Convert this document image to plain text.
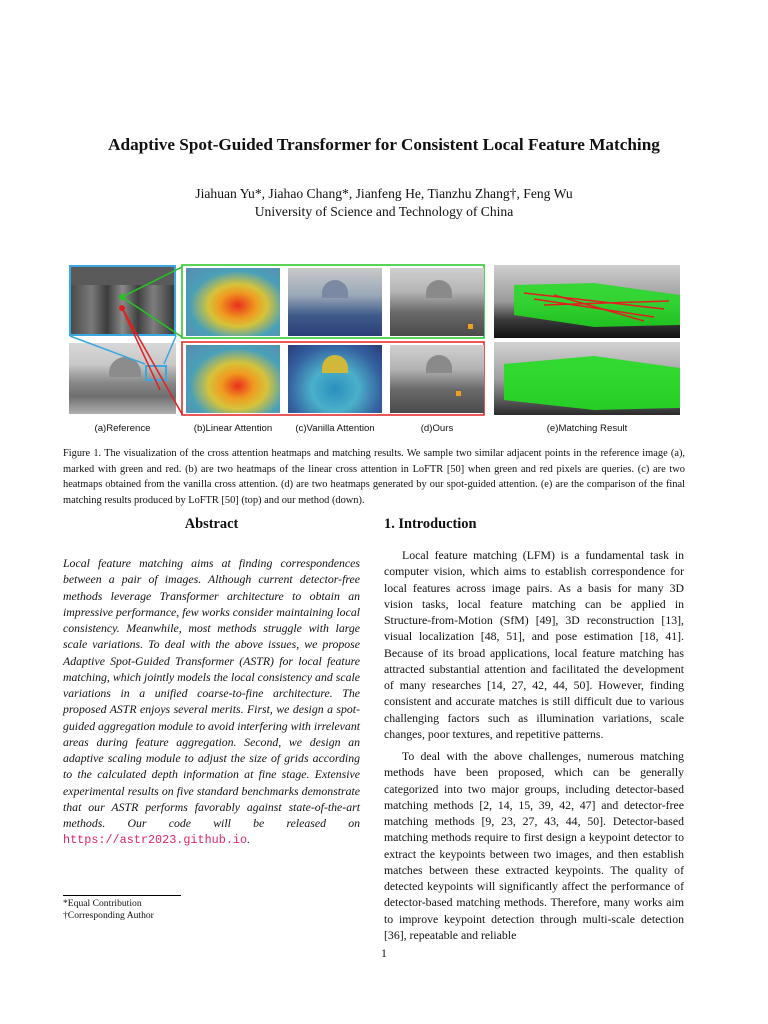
Adaptive Spot-Guided Transformer for Consistent Local Feature Matching
Jiahuan Yu*, Jiahao Chang*, Jianfeng He, Tianzhu Zhang†, Feng Wu
University of Science and Technology of China
(a)Reference	(b)Linear Attention	(c)Vanilla Attention	(d)Ours	(e)Matching Result
Figure 1. The visualization of the cross attention heatmaps and matching results. We sample two similar adjacent points in the reference image (a), marked with green and red. (b) are two heatmaps of the linear cross attention in LoFTR [50] when green and red pixels are queries. (c) are two heatmaps obtained from the vanilla cross attention. (d) are two heatmaps generated by our spot-guided attention. (e) are the comparison of the final matching results produced by LoFTR [50] (top) and our method (down).
Abstract
Local feature matching aims at finding correspondences between a pair of images. Although current detector-free methods leverage Transformer architecture to obtain an impressive performance, few works consider maintaining local consistency. Meanwhile, most methods struggle with large scale variations. To deal with the above issues, we propose Adaptive Spot-Guided Transformer (ASTR) for local feature matching, which jointly models the local consistency and scale variations in a unified coarse-to-fine architecture. The proposed ASTR enjoys several merits. First, we design a spot-guided aggregation module to avoid interfering with irrelevant areas during feature aggregation. Second, we design an adaptive scaling module to adjust the size of grids according to the calculated depth information at fine stage. Extensive experimental results on five standard benchmarks demonstrate that our ASTR performs favorably against state-of-the-art methods. Our code will be released on https://astr2023.github.io.
*Equal Contribution
†Corresponding Author
1. Introduction

Local feature matching (LFM) is a fundamental task in computer vision, which aims to establish correspondence for local features across image pairs. As a basis for many 3D vision tasks, local feature matching can be applied in Structure-from-Motion (SfM) [49], 3D reconstruction [13], visual localization [48, 51], and pose estimation [18, 41]. Because of its broad applications, local feature matching has attracted substantial attention and facilitated the development of many researches [14, 27, 42, 44, 50]. However, finding consistent and accurate matches is still difficult due to various challenging factors such as illumination variations, scale changes, poor textures, and repetitive patterns.

To deal with the above challenges, numerous matching methods have been proposed, which can be generally categorized into two major groups, including detector-based matching methods [2, 14, 15, 39, 42, 47] and detector-free matching methods [9, 23, 27, 43, 44, 50]. Detector-based matching methods require to first design a keypoint detector to extract the keypoints between two images, and then establish matches between these extracted keypoints. The quality of detected keypoints will significantly affect the performance of detector-based matching methods. Therefore, many works aim to improve keypoint detection through multi-scale detection [36], repeatable and reliable

1
